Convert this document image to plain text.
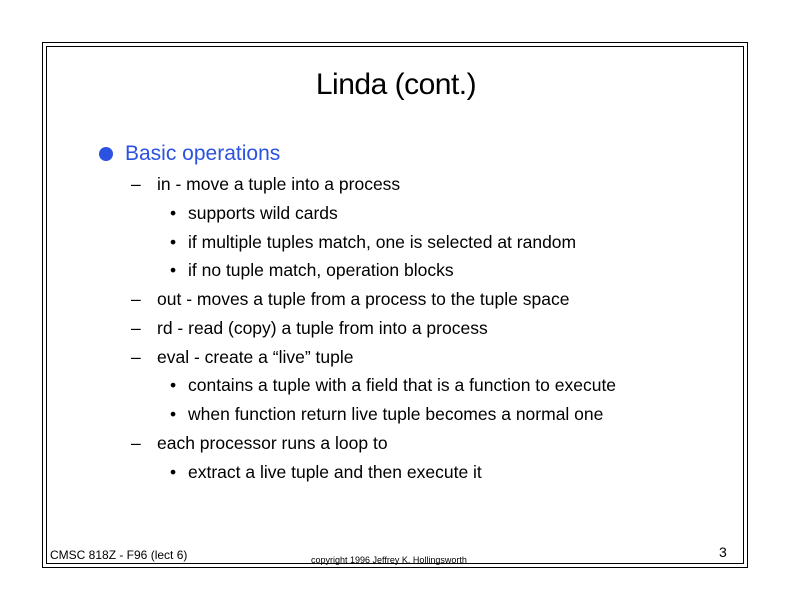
Linda (cont.)
Basic operations
– in - move a tuple into a process
• supports wild cards
• if multiple tuples match, one is selected at random
• if no tuple match, operation blocks
– out - moves a tuple from a process to the tuple space
– rd - read (copy) a tuple from into a process
– eval - create a “live” tuple
• contains a tuple with a field that is a function to execute
• when function return live tuple becomes a normal one
– each processor runs a loop to
• extract a live tuple and then execute it
CMSC 818Z - F96 (lect 6)	copyright 1996 Jeffrey K. Hollingsworth	3
